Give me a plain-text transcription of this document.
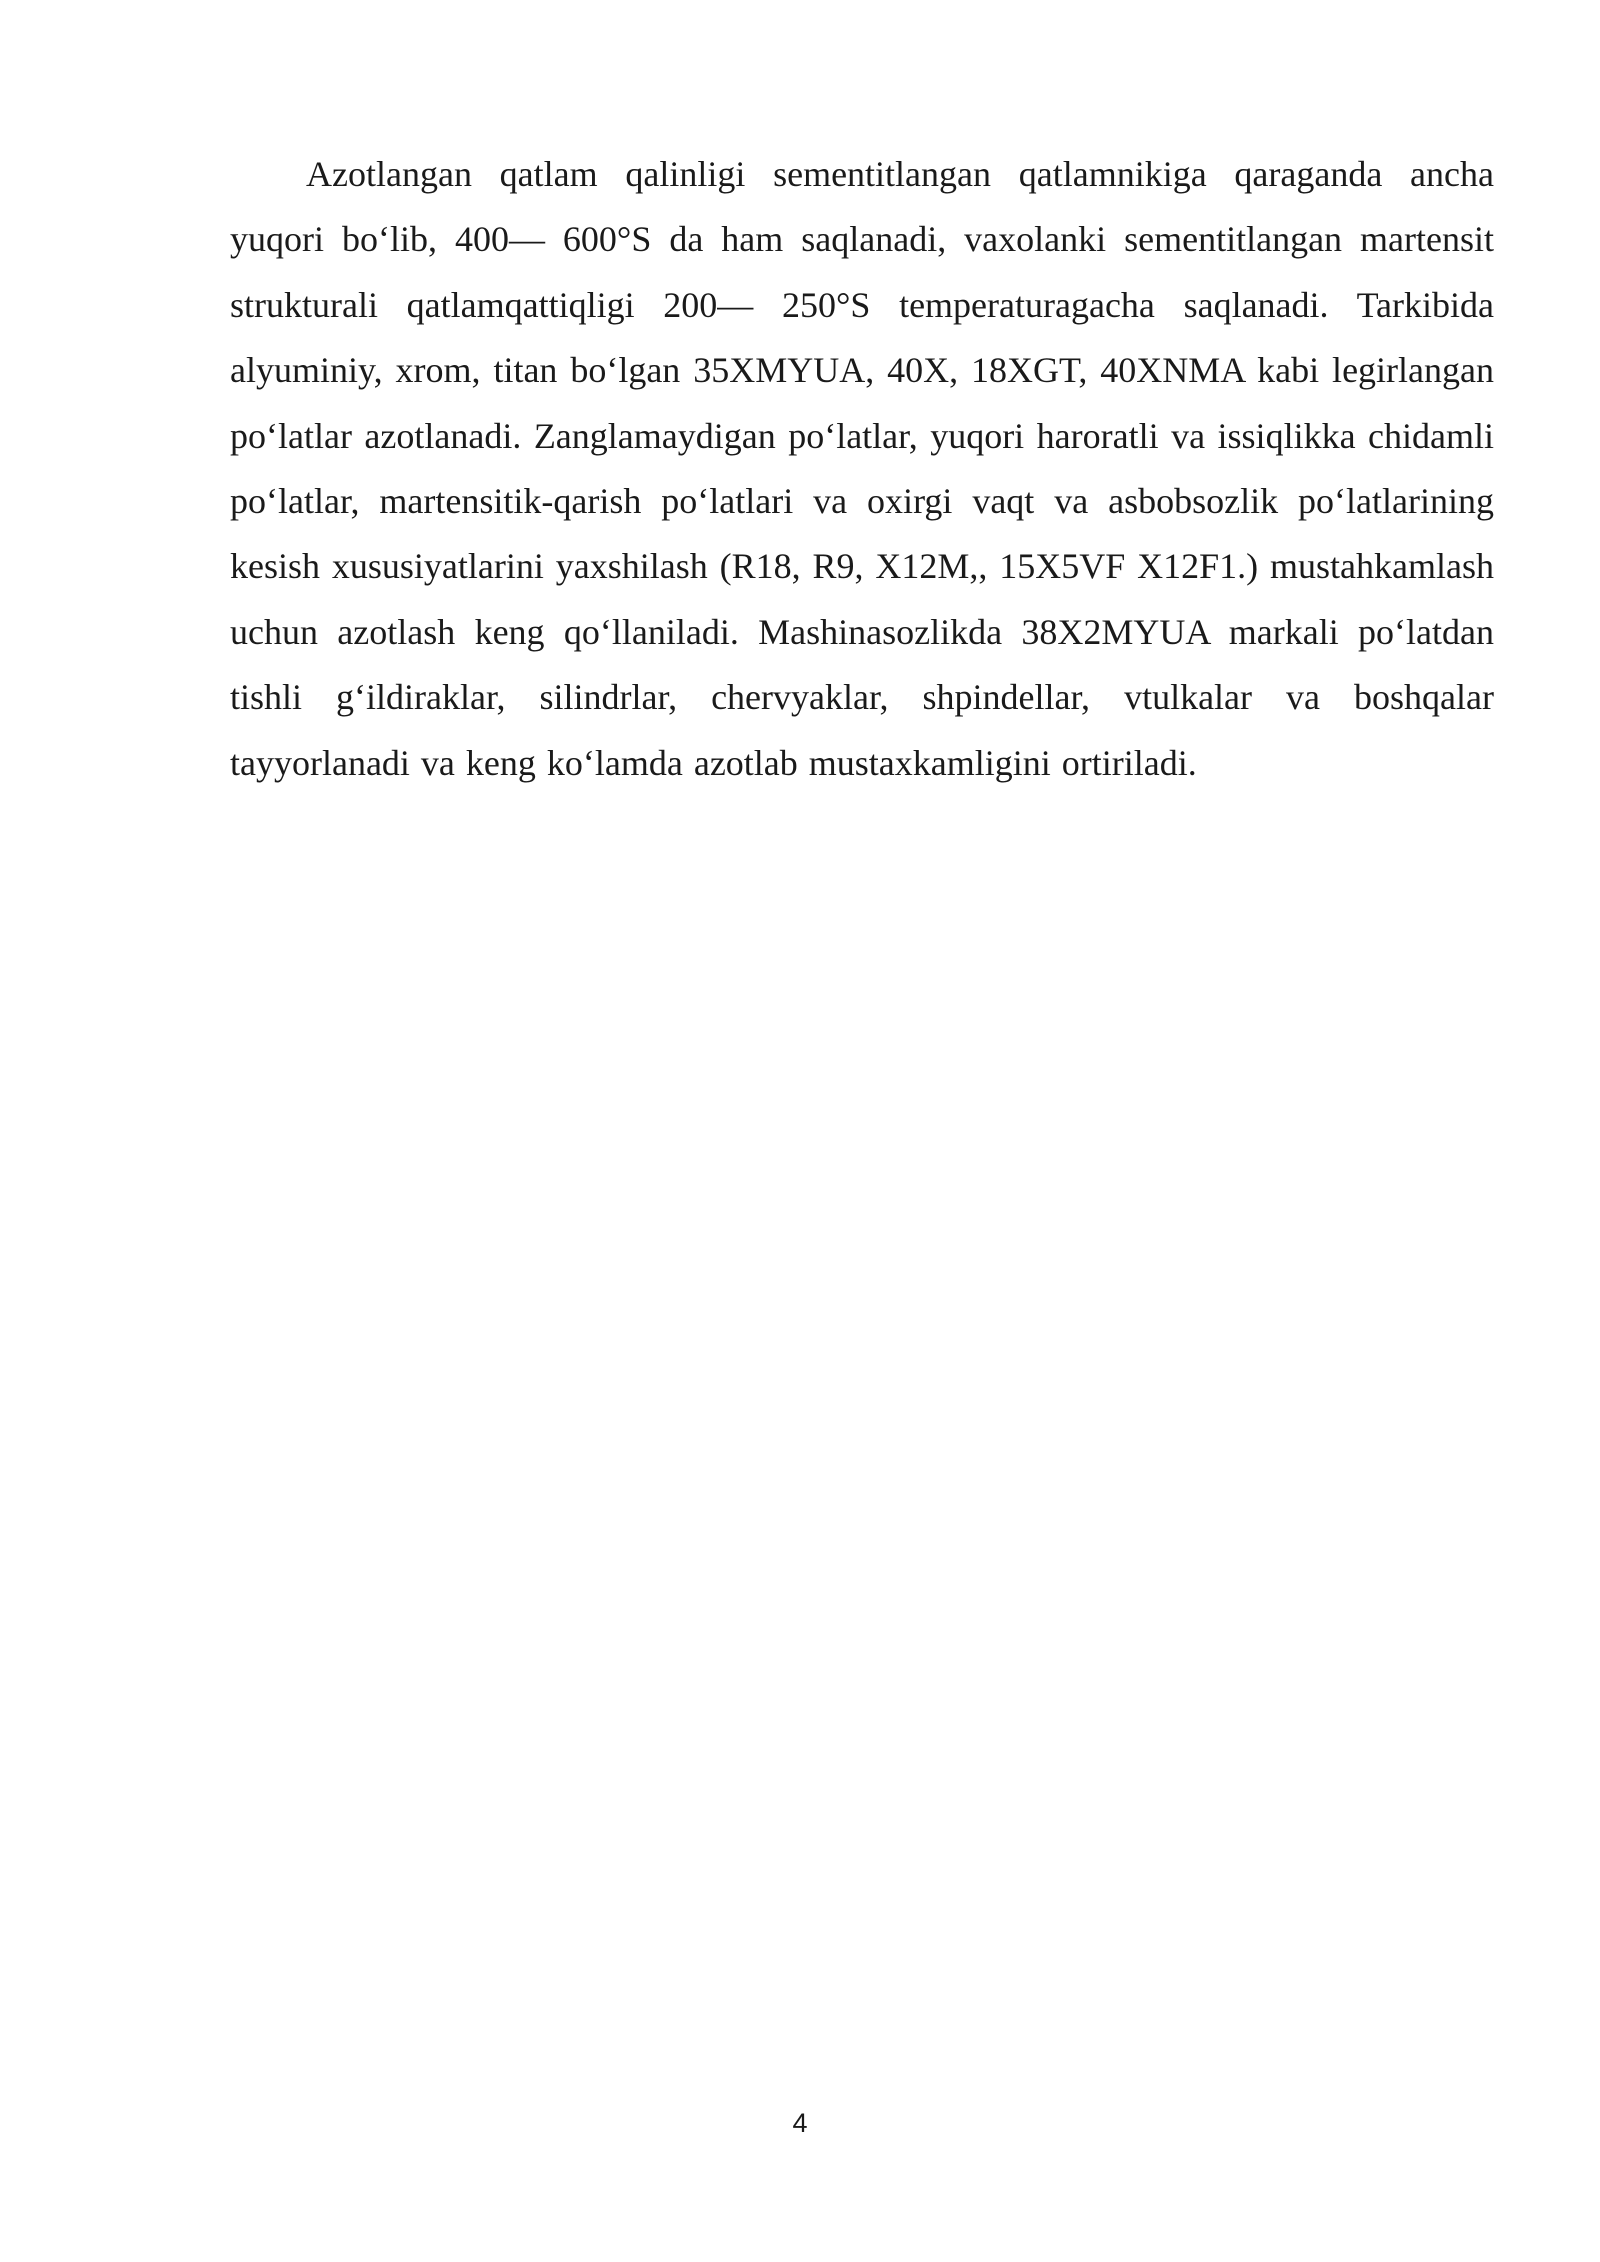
Azotlangan qatlam qalinligi sementitlangan qatlamnikiga qaraganda ancha yuqori bo‘lib, 400— 600°S da ham saqlanadi, vaxolanki sementitlangan martensit strukturali qatlamqattiqligi 200— 250°S temperaturagacha saqlanadi. Tarkibida alyuminiy, xrom, titan bo‘lgan 35XMYUA, 40X, 18XGT, 40XNMA kabi legirlangan po‘latlar azotlanadi. Zanglamaydigan po‘latlar, yuqori haroratli va issiqlikka chidamli po‘latlar, martensitik-qarish po‘latlari va oxirgi vaqt va asbobsozlik po‘latlarining kesish xususiyatlarini yaxshilash (R18, R9, X12M,, 15X5VF X12F1.) mustahkamlash uchun azotlash keng qo‘llaniladi. Mashinasozlikda 38X2MYUA markali po‘latdan tishli g‘ildiraklar, silindrlar, chervyaklar, shpindellar, vtulkalar va boshqalar tayyorlanadi va keng ko‘lamda azotlab mustaxkamligini ortiriladi.

4
